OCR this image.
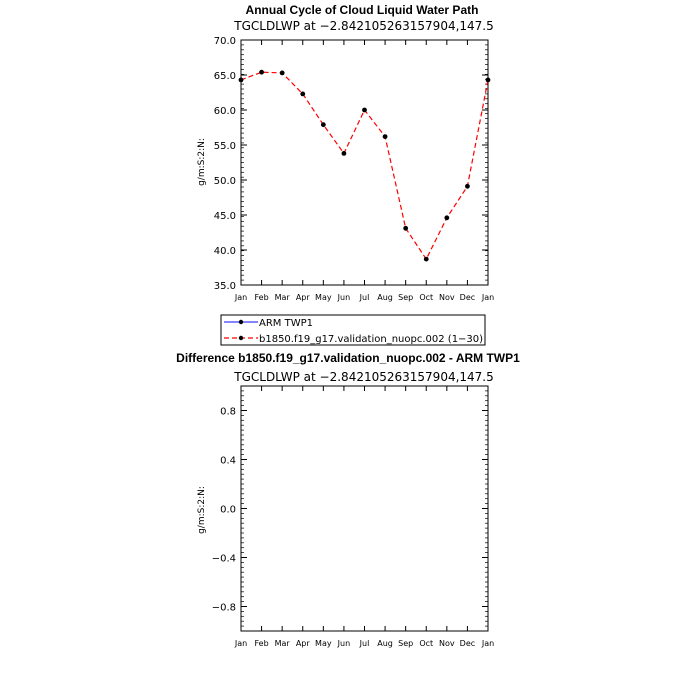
Annual Cycle of Cloud Liquid Water Path
TGCLDLWP at −2.842105263157904,147.5
g/m:S:2:N:
Jan Feb Mar Apr May Jun Jul Aug Sep Oct Nov Dec Jan
35.0
40.0
45.0
50.0
55.0
60.0
65.0
70.0
ARM TWP1
b1850.f19_g17.validation_nuopc.002 (1−30)
Difference b1850.f19_g17.validation_nuopc.002 - ARM TWP1
TGCLDLWP at −2.842105263157904,147.5
g/m:S:2:N:
Jan Feb Mar Apr May Jun Jul Aug Sep Oct Nov Dec Jan
−0.8
−0.4
0.0
0.4
0.8
